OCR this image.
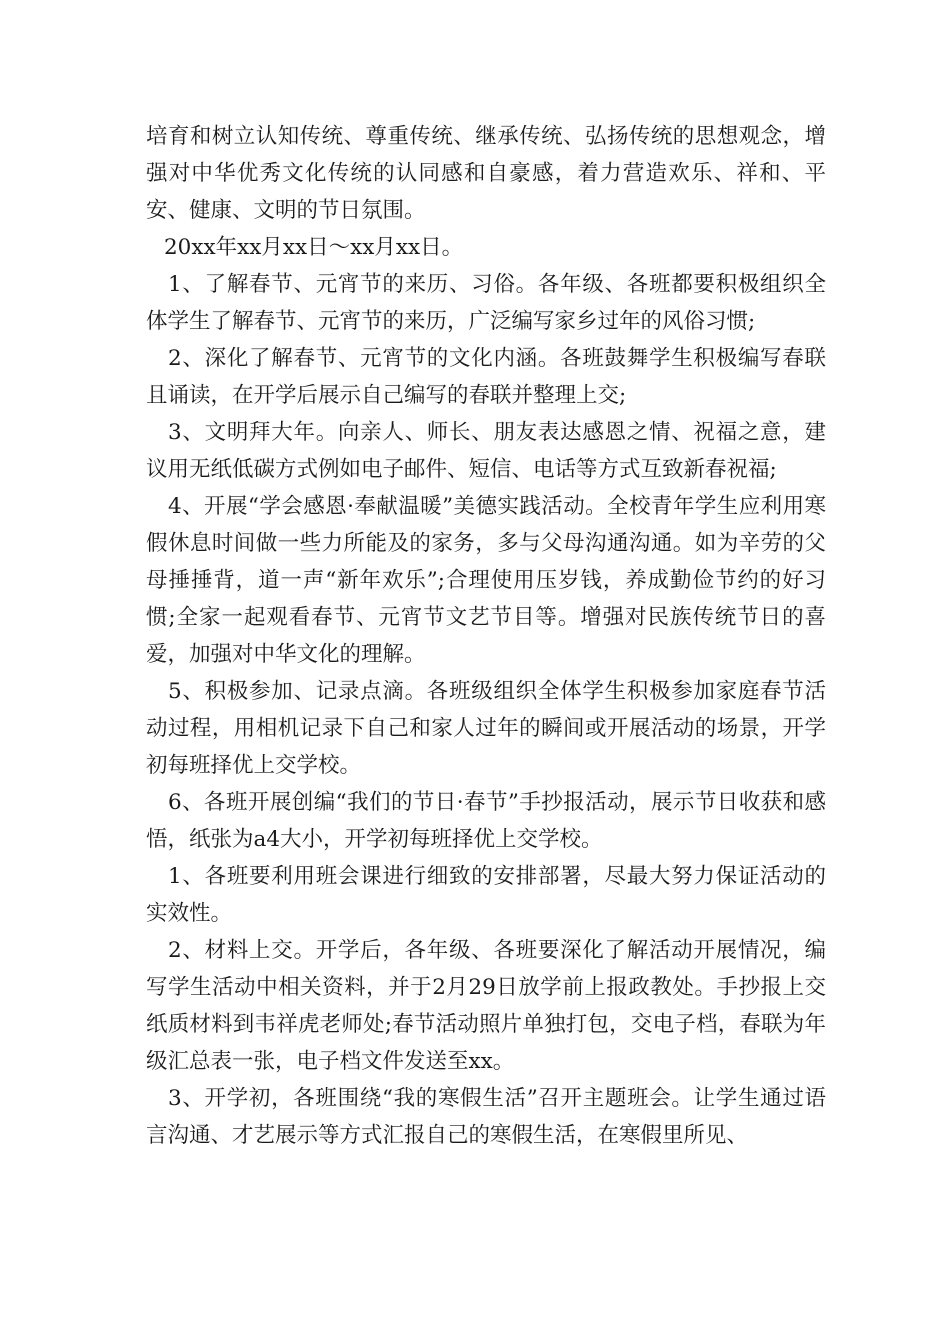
培育和树立认知传统、尊重传统、继承传统、弘扬传统的思想观念，增强对中华优秀文化传统的认同感和自豪感，着力营造欢乐、祥和、平安、健康、文明的节日氛围。

20xx年xx月xx日～xx月xx日。

1、了解春节、元宵节的来历、习俗。各年级、各班都要积极组织全体学生了解春节、元宵节的来历，广泛编写家乡过年的风俗习惯;

2、深化了解春节、元宵节的文化内涵。各班鼓舞学生积极编写春联且诵读，在开学后展示自己编写的春联并整理上交;

3、文明拜大年。向亲人、师长、朋友表达感恩之情、祝福之意，建议用无纸低碳方式例如电子邮件、短信、电话等方式互致新春祝福;

4、开展“学会感恩·奉献温暖”美德实践活动。全校青年学生应利用寒假休息时间做一些力所能及的家务，多与父母沟通沟通。如为辛劳的父母捶捶背，道一声“新年欢乐”;合理使用压岁钱，养成勤俭节约的好习惯;全家一起观看春节、元宵节文艺节目等。增强对民族传统节日的喜爱，加强对中华文化的理解。

5、积极参加、记录点滴。各班级组织全体学生积极参加家庭春节活动过程，用相机记录下自己和家人过年的瞬间或开展活动的场景，开学初每班择优上交学校。

6、各班开展创编“我们的节日·春节”手抄报活动，展示节日收获和感悟，纸张为a4大小，开学初每班择优上交学校。

1、各班要利用班会课进行细致的安排部署，尽最大努力保证活动的实效性。

2、材料上交。开学后，各年级、各班要深化了解活动开展情况，编写学生活动中相关资料，并于2月29日放学前上报政教处。手抄报上交纸质材料到韦祥虎老师处;春节活动照片单独打包，交电子档，春联为年级汇总表一张，电子档文件发送至xx。

3、开学初，各班围绕“我的寒假生活”召开主题班会。让学生通过语言沟通、才艺展示等方式汇报自己的寒假生活，在寒假里所见、
